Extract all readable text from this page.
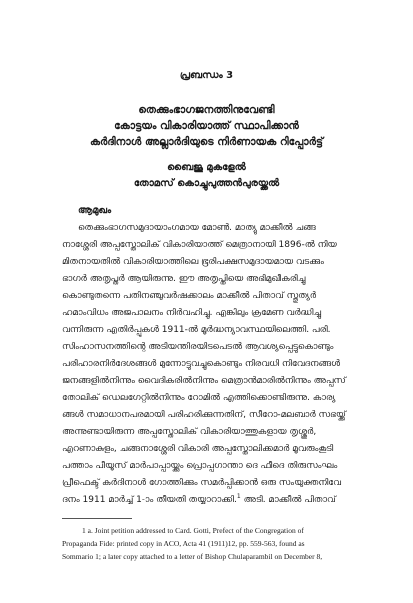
പ്രബന്ധം 3
തെക്കുംഭാഗജനത്തിനുവേണ്ടി
കോട്ടയം വികാരിയാത്ത് സ്ഥാപിക്കാൻ
കർദിനാൾ അല്ലാർദിയുടെ നിർണായക റിപ്പോർട്ട്
ബൈജു മുകളേൽ
തോമസ് കൊച്ചുപുത്തൻപുരയ്ക്കൽ
ആമുഖം
തെക്കുംഭാഗസമുദായാംഗമായ മോൺ. മാത്യു മാക്കീൽ ചങ്ങ
നാശ്ശേരി അപ്പസ്തോലിക് വികാരിയാത്ത് മെത്രാനായി 1896-ൽ നിയ
മിതനായതിൽ വികാരിയാത്തിലെ ഭൂരിപക്ഷസമുദായമായ വടക്കും
ഭാഗർ അതൃപ്തർ ആയിരുന്നു. ഈ അതൃപ്തിയെ അഭിമുഖീകരിച്ചു
കൊണ്ടുതന്നെ പതിനഞ്ചുവർഷക്കാലം മാക്കീൽ പിതാവ് സ്തുത്യർ
ഹമാംവിധം അജപാലനം നിർവഹിച്ചു. എങ്കിലും ക്രമേണ വർദ്ധിച്ചു
വന്നിരുന്ന എതിർപ്പുകൾ 1911-ൽ മൂർദ്ധന്യാവസ്ഥയിലെത്തി. പരി.
സിംഹാസനത്തിന്റെ അടിയന്തിരയിടപെടൽ ആവശ്യപ്പെട്ടുകൊണ്ടും
പരിഹാരനിർദേശങ്ങൾ മുന്നോട്ടുവച്ചുകൊണ്ടും നിരവധി നിവേദനങ്ങൾ
ജനങ്ങളിൽനിന്നും വൈദികരിൽനിന്നും മെത്രാൻമാരിൽനിന്നും അപ്പസ്
തോലിക് ഡെലഗേറ്റിൽനിന്നും റോമിൽ എത്തിക്കൊണ്ടിരുന്നു. കാര്യ
ങ്ങൾ സമാധാനപരമായി പരിഹരിക്കുന്നതിന്, സീറോ-മലബാർ സഭയ്ക്ക്
അന്നുണ്ടായിരുന്ന അപ്പസ്തോലിക് വികാരിയാത്തുകളായ തൃശ്ശൂർ,
എറണാകുളം, ചങ്ങനാശ്ശേരി വികാരി അപ്പസ്തോലിക്കമാർ മൂവരുംകൂടി
പത്താം പീയൂസ് മാർപാപ്പായ്ക്കും പ്രൊപ്പഗാന്താ ദെ ഫീദെ തിരുസംഘം
പ്രീഫെക്ട് കർദിനാൾ ഗോത്തിക്കും സമർപ്പിക്കാൻ ഒരു സംയുക്തനിവേ
ദനം 1911 മാർച്ച് 1-ാം തീയതി തയ്യാറാക്കി.$^1$ അടി. മാക്കീൽ പിതാവ്
1 a. Joint petition addressed to Card. Gotti, Prefect of the Congregation of
Propaganda Fide: printed copy in ACO, Acta 41 (1911)12, pp. 559-563, found as
Sommario 1; a later copy attached to a letter of Bishop Chulaparambil on December 8,
